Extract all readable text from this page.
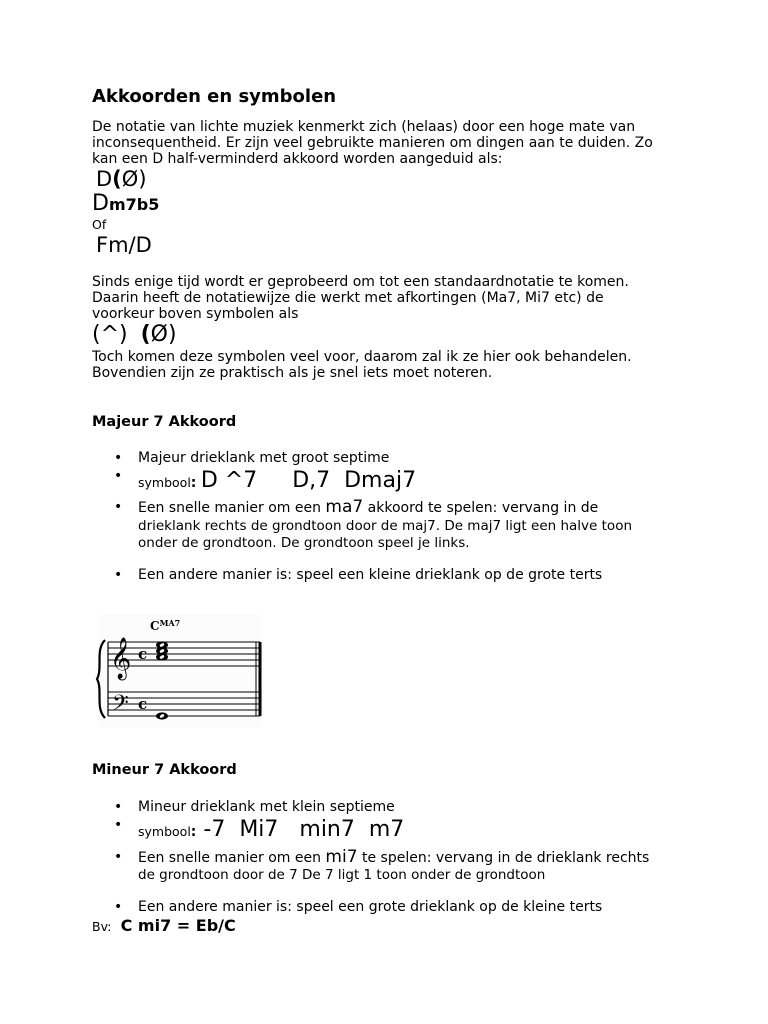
Akkoorden en symbolen
De notatie van lichte muziek kenmerkt zich (helaas) door een hoge mate van
inconsequentheid. Er zijn veel gebruikte manieren om dingen aan te duiden. Zo
kan een D half-verminderd akkoord worden aangeduid als:
D(Ø)
Dm7b5
Of
Fm/D
Sinds enige tijd wordt er geprobeerd om tot een standaardnotatie te komen.
Daarin heeft de notatiewijze die werkt met afkortingen (Ma7, Mi7 etc) de
voorkeur boven symbolen als
(^) (Ø)
Toch komen deze symbolen veel voor, daarom zal ik ze hier ook behandelen.
Bovendien zijn ze praktisch als je snel iets moet noteren.
Majeur 7 Akkoord
• Majeur drieklank met groot septime
• symbool: D ^7     D,7  Dmaj7
• Een snelle manier om een ma7 akkoord te spelen: vervang in de
drieklank rechts de grondtoon door de maj7. De maj7 ligt een halve toon
onder de grondtoon. De grondtoon speel je links.
• Een andere manier is: speel een kleine drieklank op de grote terts
𝄞
𝄢
c
c
$C^{MA7}$
Mineur 7 Akkoord
• Mineur drieklank met klein septieme
• symbool: -7  Mi7   min7  m7
• Een snelle manier om een mi7 te spelen: vervang in de drieklank rechts
de grondtoon door de 7 De 7 ligt 1 toon onder de grondtoon
• Een andere manier is: speel een grote drieklank op de kleine terts
Bv: C mi7 = Eb/C
